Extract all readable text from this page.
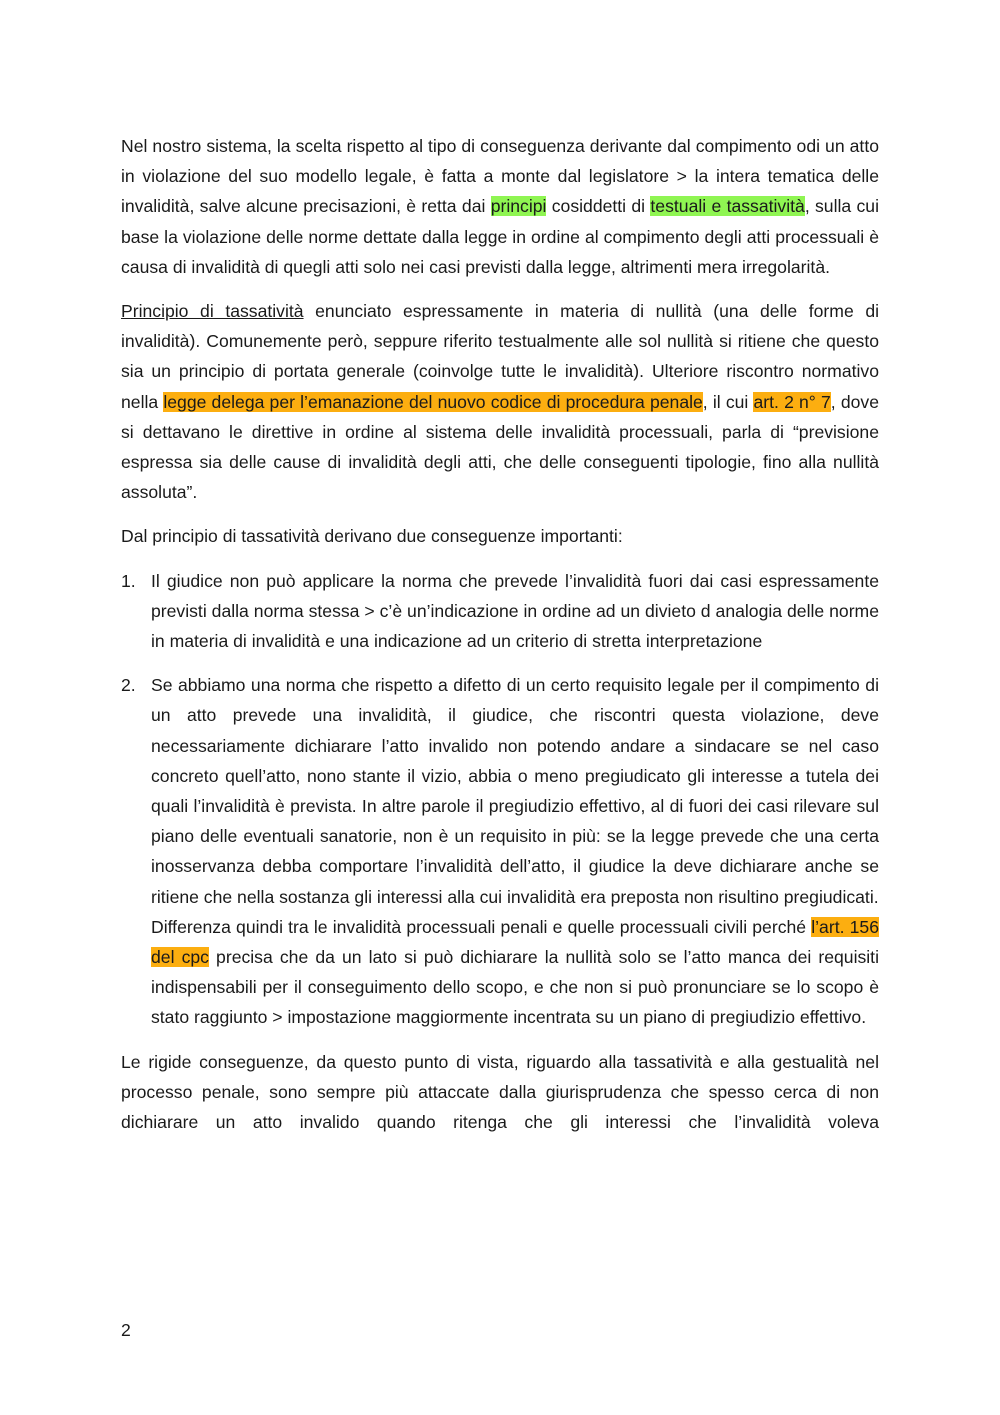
Nel nostro sistema, la scelta rispetto al tipo di conseguenza derivante dal compimento odi un atto in violazione del suo modello legale, è fatta a monte dal legislatore > la intera tematica delle invalidità, salve alcune precisazioni, è retta dai principi cosiddetti di testuali e tassatività, sulla cui base la violazione delle norme dettate dalla legge in ordine al compimento degli atti processuali è causa di invalidità di quegli atti solo nei casi previsti dalla legge, altrimenti mera irregolarità.

Principio di tassatività enunciato espressamente in materia di nullità (una delle forme di invalidità). Comunemente però, seppure riferito testualmente alle sol nullità si ritiene che questo sia un principio di portata generale (coinvolge tutte le invalidità). Ulteriore riscontro normativo nella legge delega per l’emanazione del nuovo codice di procedura penale, il cui art. 2 n° 7, dove si dettavano le direttive in ordine al sistema delle invalidità processuali, parla di “previsione espressa sia delle cause di invalidità degli atti, che delle conseguenti tipologie, fino alla nullità assoluta”.

Dal principio di tassatività derivano due conseguenze importanti:

1. Il giudice non può applicare la norma che prevede l’invalidità fuori dai casi espressamente previsti dalla norma stessa > c’è un’indicazione in ordine ad un divieto d analogia delle norme in materia di invalidità e una indicazione ad un criterio di stretta interpretazione
2. Se abbiamo una norma che rispetto a difetto di un certo requisito legale per il compimento di un atto prevede una invalidità, il giudice, che riscontri questa violazione, deve necessariamente dichiarare l’atto invalido non potendo andare a sindacare se nel caso concreto quell’atto, nono stante il vizio, abbia o meno pregiudicato gli interesse a tutela dei quali l’invalidità è prevista. In altre parole il pregiudizio effettivo, al di fuori dei casi rilevare sul piano delle eventuali sanatorie, non è un requisito in più: se la legge prevede che una certa inosservanza debba comportare l’invalidità dell’atto, il giudice la deve dichiarare anche se ritiene che nella sostanza gli interessi alla cui invalidità era preposta non risultino pregiudicati.

Differenza quindi tra le invalidità processuali penali e quelle processuali civili perché l’art. 156 del cpc precisa che da un lato si può dichiarare la nullità solo se l’atto manca dei requisiti indispensabili per il conseguimento dello scopo, e che non si può pronunciare se lo scopo è stato raggiunto > impostazione maggiormente incentrata su un piano di pregiudizio effettivo.

Le rigide conseguenze, da questo punto di vista, riguardo alla tassatività e alla gestualità nel processo penale, sono sempre più attaccate dalla giurisprudenza che spesso cerca di non dichiarare un atto invalido quando ritenga che gli interessi che l’invalidità voleva

2
